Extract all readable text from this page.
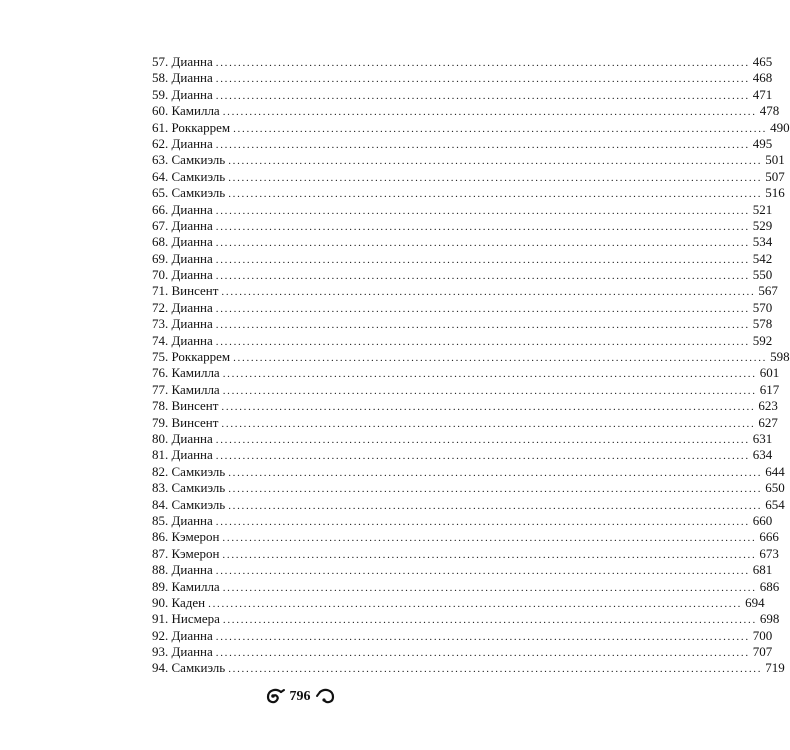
57. Дианна ........................................................................................................................ 465
58. Дианна ........................................................................................................................ 468
59. Дианна ........................................................................................................................ 471
60. Камилла ........................................................................................................................ 478
61. Роккаррем ........................................................................................................................ 490
62. Дианна ........................................................................................................................ 495
63. Самкиэль ........................................................................................................................ 501
64. Самкиэль ........................................................................................................................ 507
65. Самкиэль ........................................................................................................................ 516
66. Дианна ........................................................................................................................ 521
67. Дианна ........................................................................................................................ 529
68. Дианна ........................................................................................................................ 534
69. Дианна ........................................................................................................................ 542
70. Дианна ........................................................................................................................ 550
71. Винсент ........................................................................................................................ 567
72. Дианна ........................................................................................................................ 570
73. Дианна ........................................................................................................................ 578
74. Дианна ........................................................................................................................ 592
75. Роккаррем ........................................................................................................................ 598
76. Камилла ........................................................................................................................ 601
77. Камилла ........................................................................................................................ 617
78. Винсент ........................................................................................................................ 623
79. Винсент ........................................................................................................................ 627
80. Дианна ........................................................................................................................ 631
81. Дианна ........................................................................................................................ 634
82. Самкиэль ........................................................................................................................ 644
83. Самкиэль ........................................................................................................................ 650
84. Самкиэль ........................................................................................................................ 654
85. Дианна ........................................................................................................................ 660
86. Кэмерон ........................................................................................................................ 666
87. Кэмерон ........................................................................................................................ 673
88. Дианна ........................................................................................................................ 681
89. Камилла ........................................................................................................................ 686
90. Каден ........................................................................................................................ 694
91. Нисмера ........................................................................................................................ 698
92. Дианна ........................................................................................................................ 700
93. Дианна ........................................................................................................................ 707
94. Самкиэль ........................................................................................................................ 719
796
